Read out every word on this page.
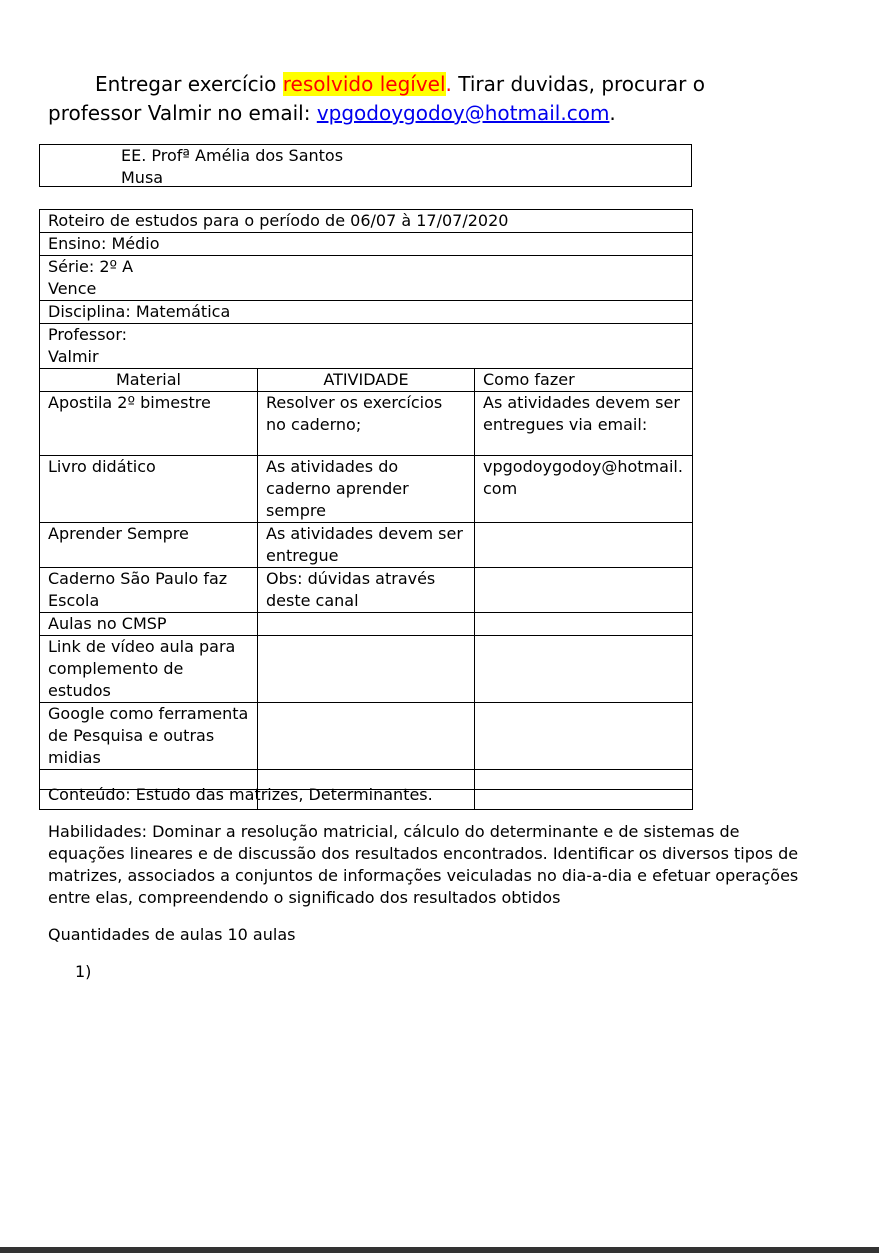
Entregar exercício resolvido legível. Tirar duvidas, procurar o professor Valmir no email: vpgodoygodoy@hotmail.com.
EE. Profª Amélia dos Santos
Musa
Roteiro de estudos para o período de 06/07 à 17/07/2020		
Ensino: Médio		
Série: 2º A Vence		
Disciplina: Matemática		
Professor: Valmir		
Material	ATIVIDADE	Como fazer
Apostila 2º bimestre	Resolver os exercícios no caderno;	As atividades devem ser entregues via email:
Livro didático	As atividades do caderno aprender sempre	vpgodoygodoy@hotmail.com
Aprender Sempre	As atividades devem ser entregue	
Caderno São Paulo faz Escola	Obs: dúvidas através deste canal	
Aulas no CMSP		
Link de vídeo aula para complemento de estudos		
Google como ferramenta de Pesquisa e outras midias		

Conteúdo: Estudo das matrizes, Determinantes.

Habilidades: Dominar a resolução matricial, cálculo do determinante e de sistemas de equações lineares e de discussão dos resultados encontrados. Identificar os diversos tipos de matrizes, associados a conjuntos de informações veiculadas no dia-a-dia e efetuar operações entre elas, compreendendo o significado dos resultados obtidos

Quantidades de aulas 10 aulas

1)
